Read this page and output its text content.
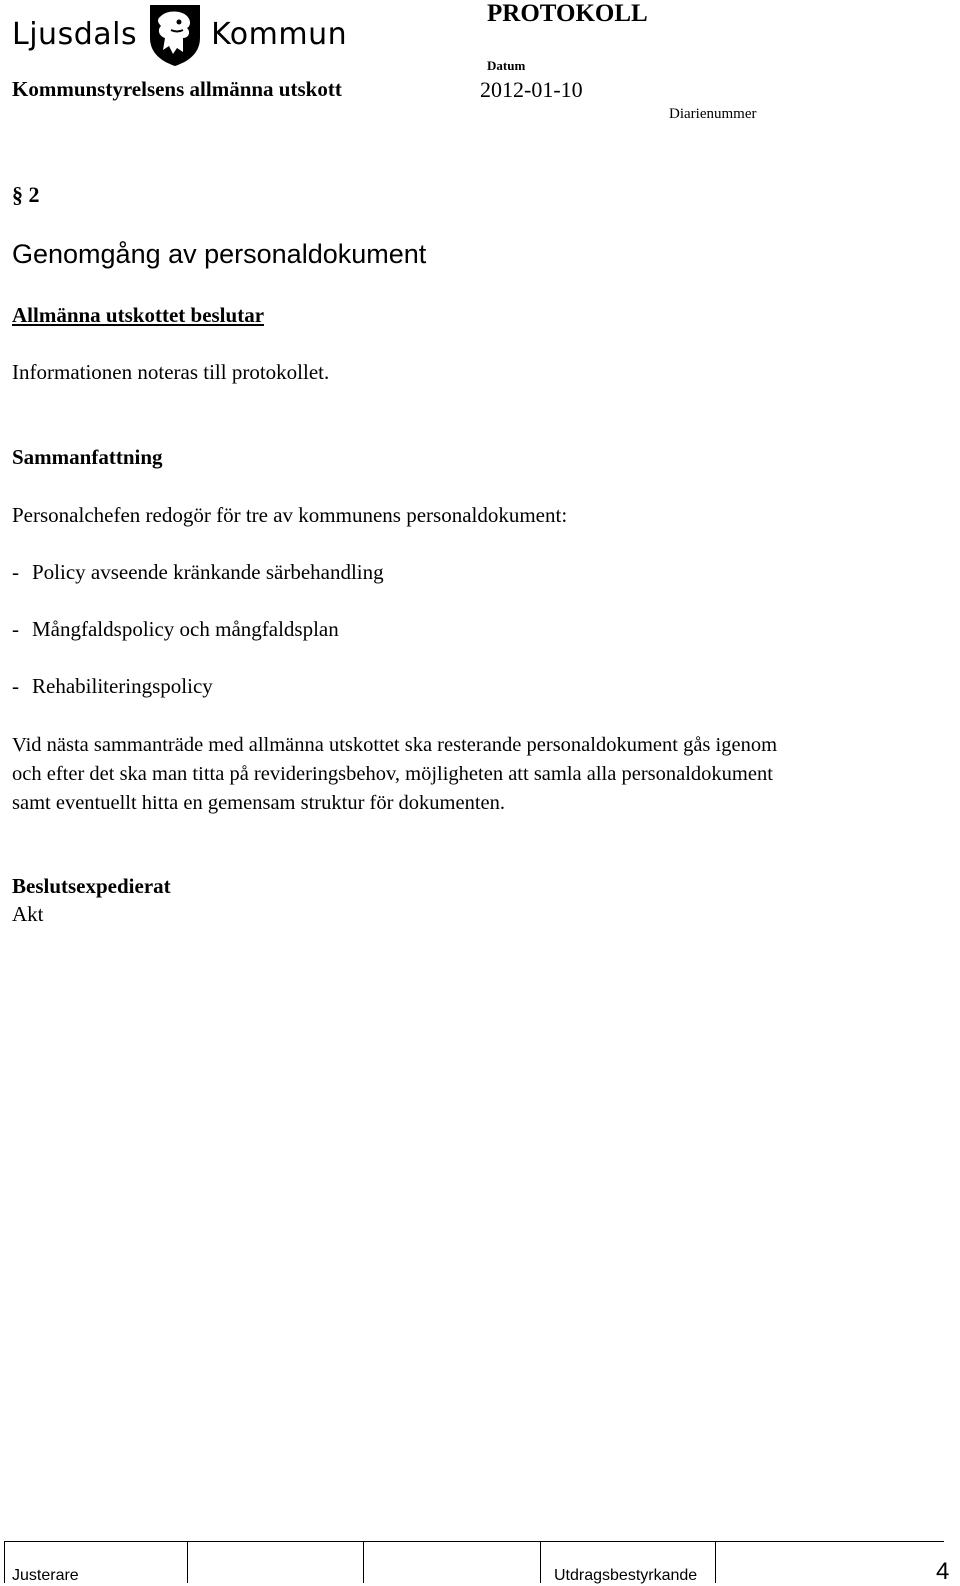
Ljusdals Kommun
PROTOKOLL
Datum
Kommunstyrelsens allmänna utskott	2012-01-10
Diarienummer
§ 2
Genomgång av personaldokument
Allmänna utskottet beslutar
Informationen noteras till protokollet.
Sammanfattning
Personalchefen redogör för tre av kommunens personaldokument:
- Policy avseende kränkande särbehandling
- Mångfaldspolicy och mångfaldsplan
- Rehabiliteringspolicy
Vid nästa sammanträde med allmänna utskottet ska resterande personaldokument gås igenom
och efter det ska man titta på revideringsbehov, möjligheten att samla alla personaldokument
samt eventuellt hitta en gemensam struktur för dokumenten.
Beslutsexpedierat
Akt
Justerare	Utdragsbestyrkande	4
